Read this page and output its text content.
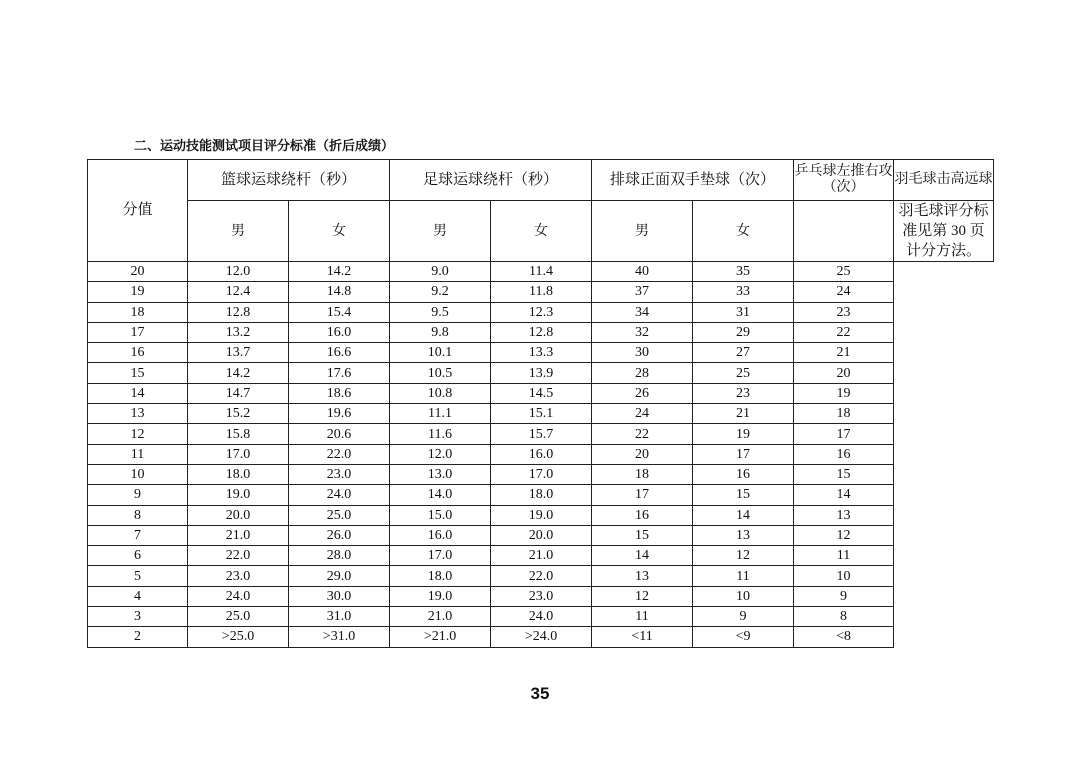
二、运动技能测试项目评分标准（折后成绩）
分值	篮球运球绕杆（秒）		足球运球绕杆（秒）		排球正面双手垫球（次）		乒乓球左推右攻（次）	羽毛球击高远球
	男	女	男	女	男	女		羽毛球评分标准见第 30 页计分方法。
20	12.0	14.2	9.0	11.4	40	35	25	
19	12.4	14.8	9.2	11.8	37	33	24	
18	12.8	15.4	9.5	12.3	34	31	23	
17	13.2	16.0	9.8	12.8	32	29	22	
16	13.7	16.6	10.1	13.3	30	27	21	
15	14.2	17.6	10.5	13.9	28	25	20	
14	14.7	18.6	10.8	14.5	26	23	19	
13	15.2	19.6	11.1	15.1	24	21	18	
12	15.8	20.6	11.6	15.7	22	19	17	
11	17.0	22.0	12.0	16.0	20	17	16	
10	18.0	23.0	13.0	17.0	18	16	15	
9	19.0	24.0	14.0	18.0	17	15	14	
8	20.0	25.0	15.0	19.0	16	14	13	
7	21.0	26.0	16.0	20.0	15	13	12	
6	22.0	28.0	17.0	21.0	14	12	11	
5	23.0	29.0	18.0	22.0	13	11	10	
4	24.0	30.0	19.0	23.0	12	10	9	
3	25.0	31.0	21.0	24.0	11	9	8	
2	>25.0	>31.0	>21.0	>24.0	<11	<9	<8	
35
